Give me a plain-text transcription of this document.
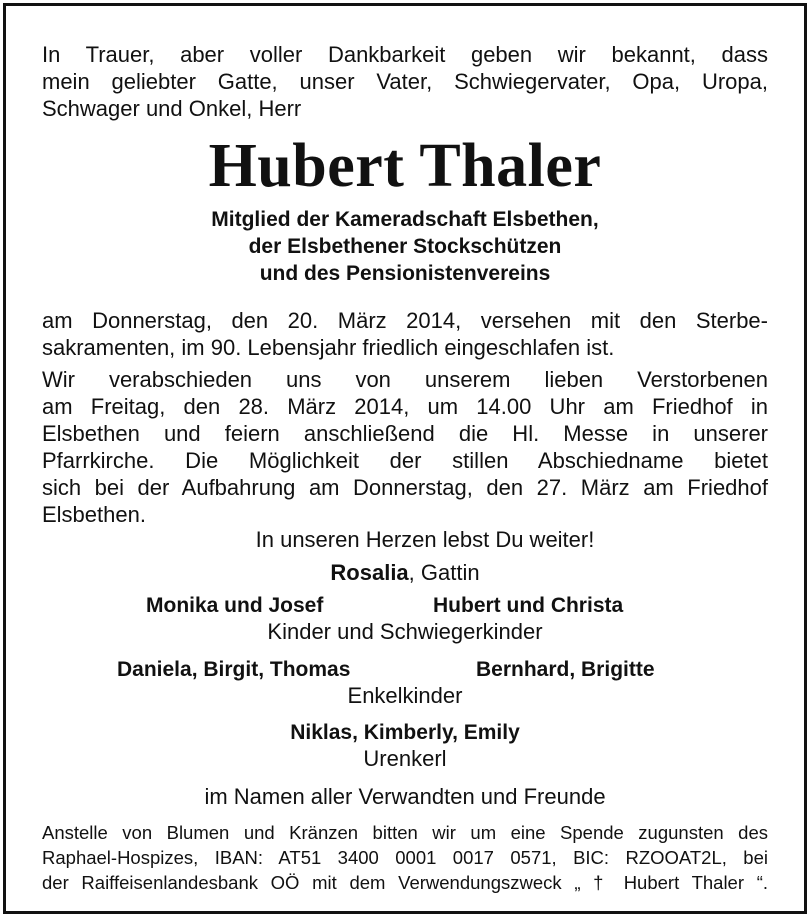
In Trauer, aber voller Dankbarkeit geben wir bekannt, dass
mein geliebter Gatte, unser Vater, Schwiegervater, Opa, Uropa,
Schwager und Onkel, Herr
Hubert Thaler
Mitglied der Kameradschaft Elsbethen,
der Elsbethener Stockschützen
und des Pensionistenvereins
am Donnerstag, den 20. März 2014, versehen mit den Sterbe-
sakramenten, im 90. Lebensjahr friedlich eingeschlafen ist.
Wir verabschieden uns von unserem lieben Verstorbenen
am Freitag, den 28. März 2014, um 14.00 Uhr am Friedhof in
Elsbethen und feiern anschließend die Hl. Messe in unserer
Pfarrkirche. Die Möglichkeit der stillen Abschiedname bietet
sich bei der Aufbahrung am Donnerstag, den 27. März am Friedhof
Elsbethen.
In unseren Herzen lebst Du weiter!
Rosalia, Gattin
Monika und Josef	Hubert und Christa
Kinder und Schwiegerkinder
Daniela, Birgit, Thomas	Bernhard, Brigitte
Enkelkinder
Niklas, Kimberly, Emily
Urenkerl
im Namen aller Verwandten und Freunde
Anstelle von Blumen und Kränzen bitten wir um eine Spende zugunsten des
Raphael-Hospizes, IBAN: AT51 3400 0001 0017 0571, BIC: RZOOAT2L, bei
der Raiffeisenlandesbank OÖ mit dem Verwendungszweck „ † Hubert Thaler “.
